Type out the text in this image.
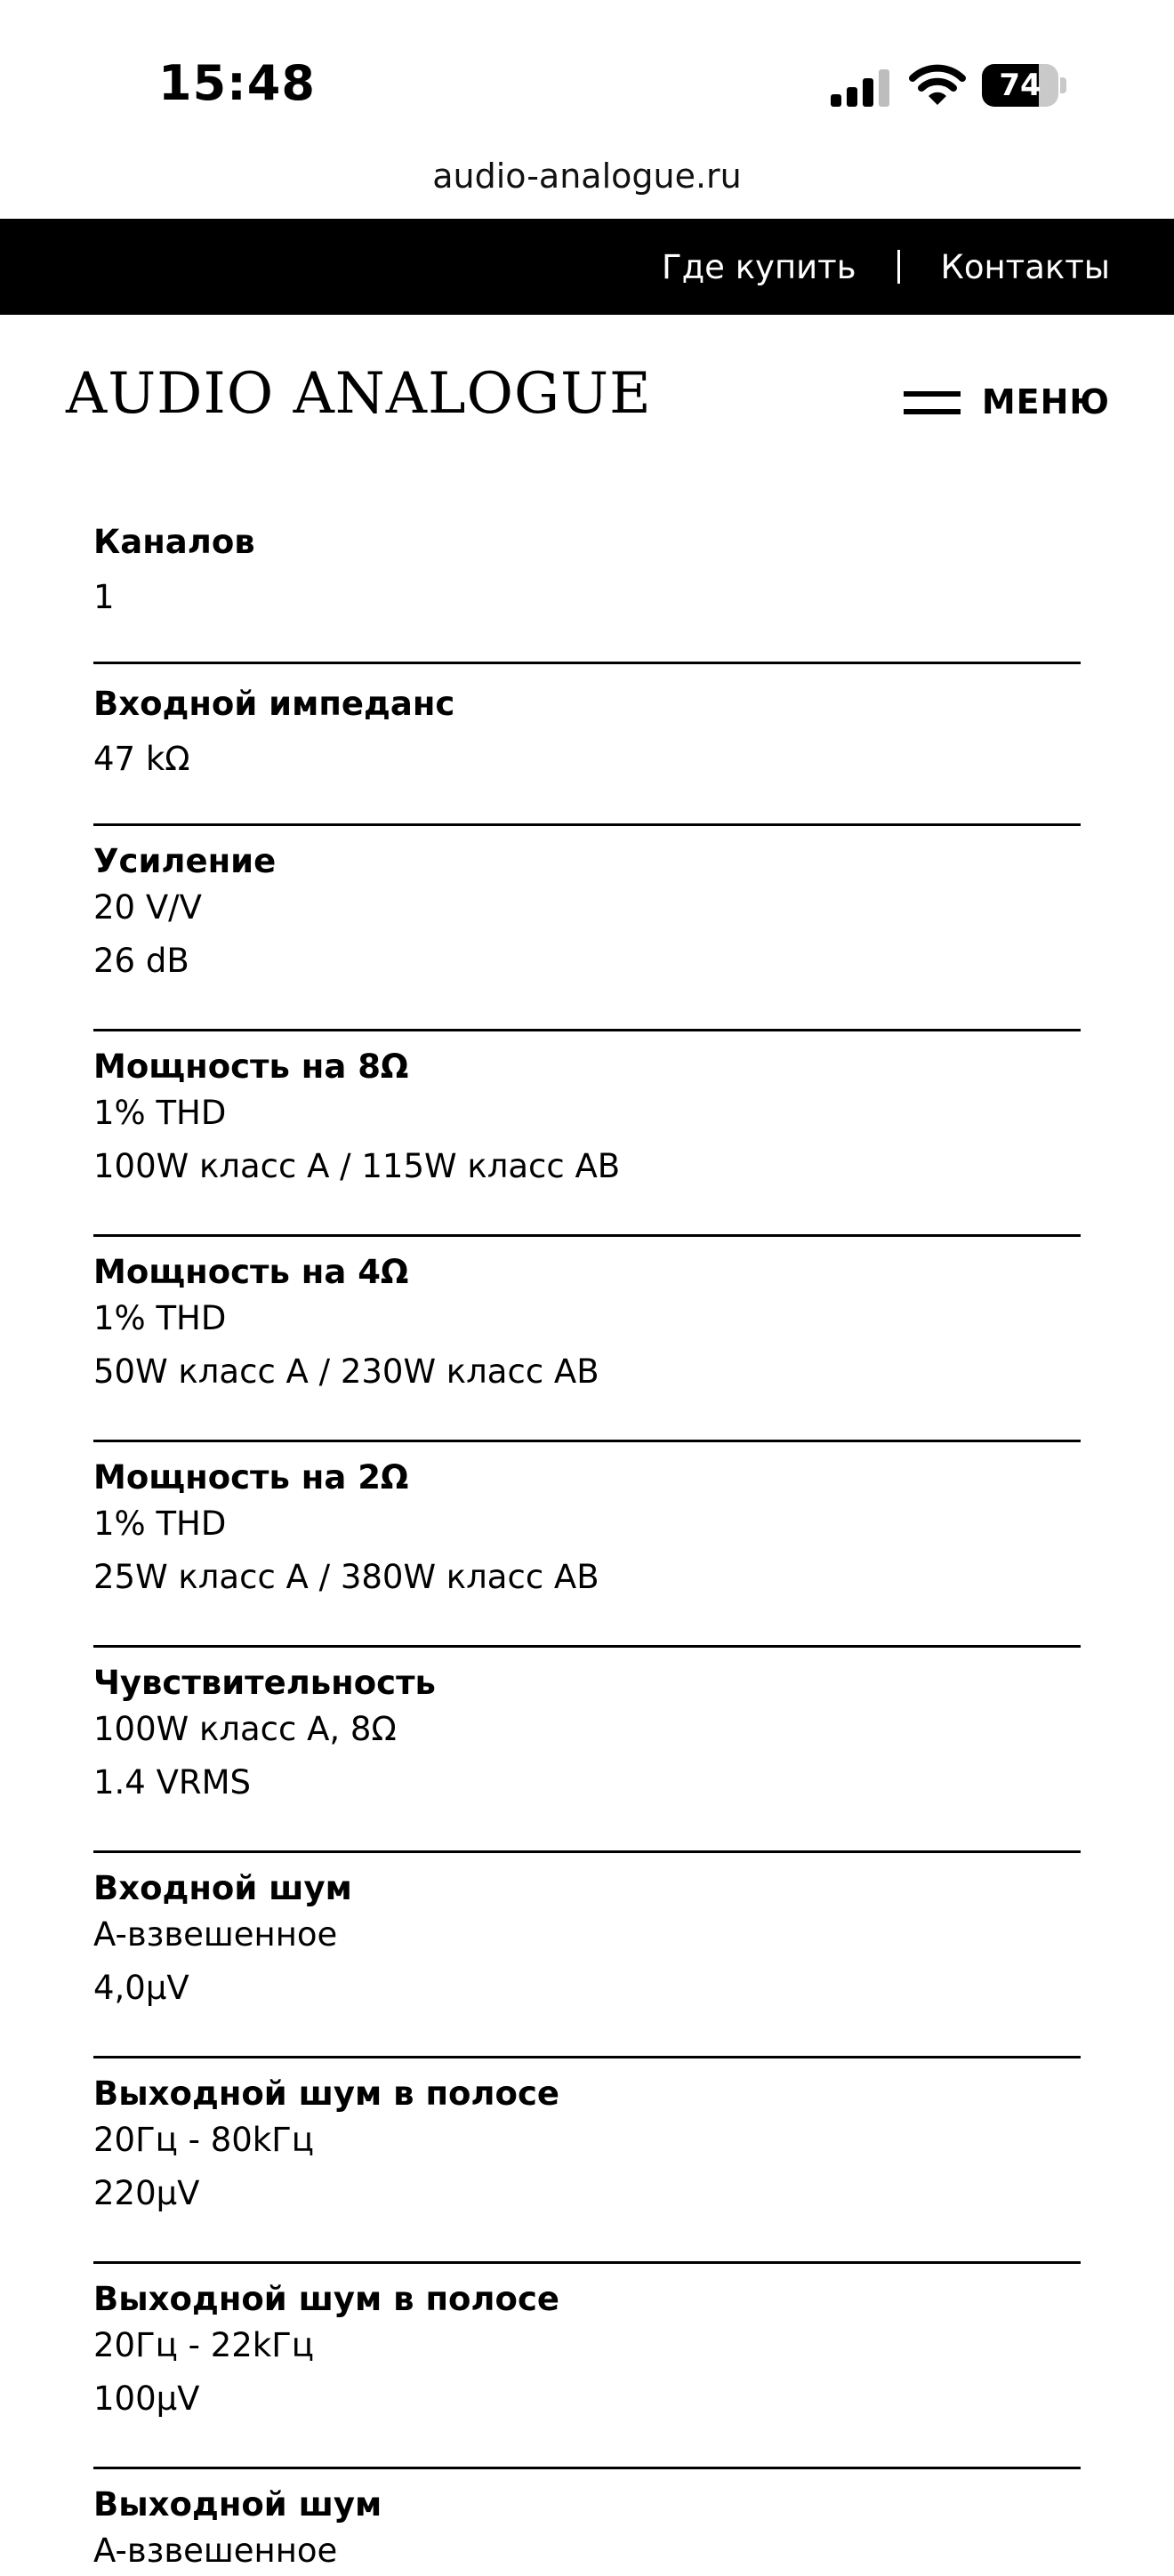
15:48	74
audio-analogue.ru
Где купить	Контакты
AUDIO ANALOGUE	МЕНЮ
Каналов
1
Входной импеданс
47 kΩ
Усиление
20 V/V
26 dB
Мощность на 8Ω
1% THD
100W класс A / 115W класс AB
Мощность на 4Ω
1% THD
50W класс A / 230W класс AB
Мощность на 2Ω
1% THD
25W класс A / 380W класс AB
Чувствительность
100W класс A, 8Ω
1.4 VRMS
Входной шум
A-взвешенное
4,0μV
Выходной шум в полосе
20Гц - 80kГц
220μV
Выходной шум в полосе
20Гц - 22kГц
100μV
Выходной шум
A-взвешенное
